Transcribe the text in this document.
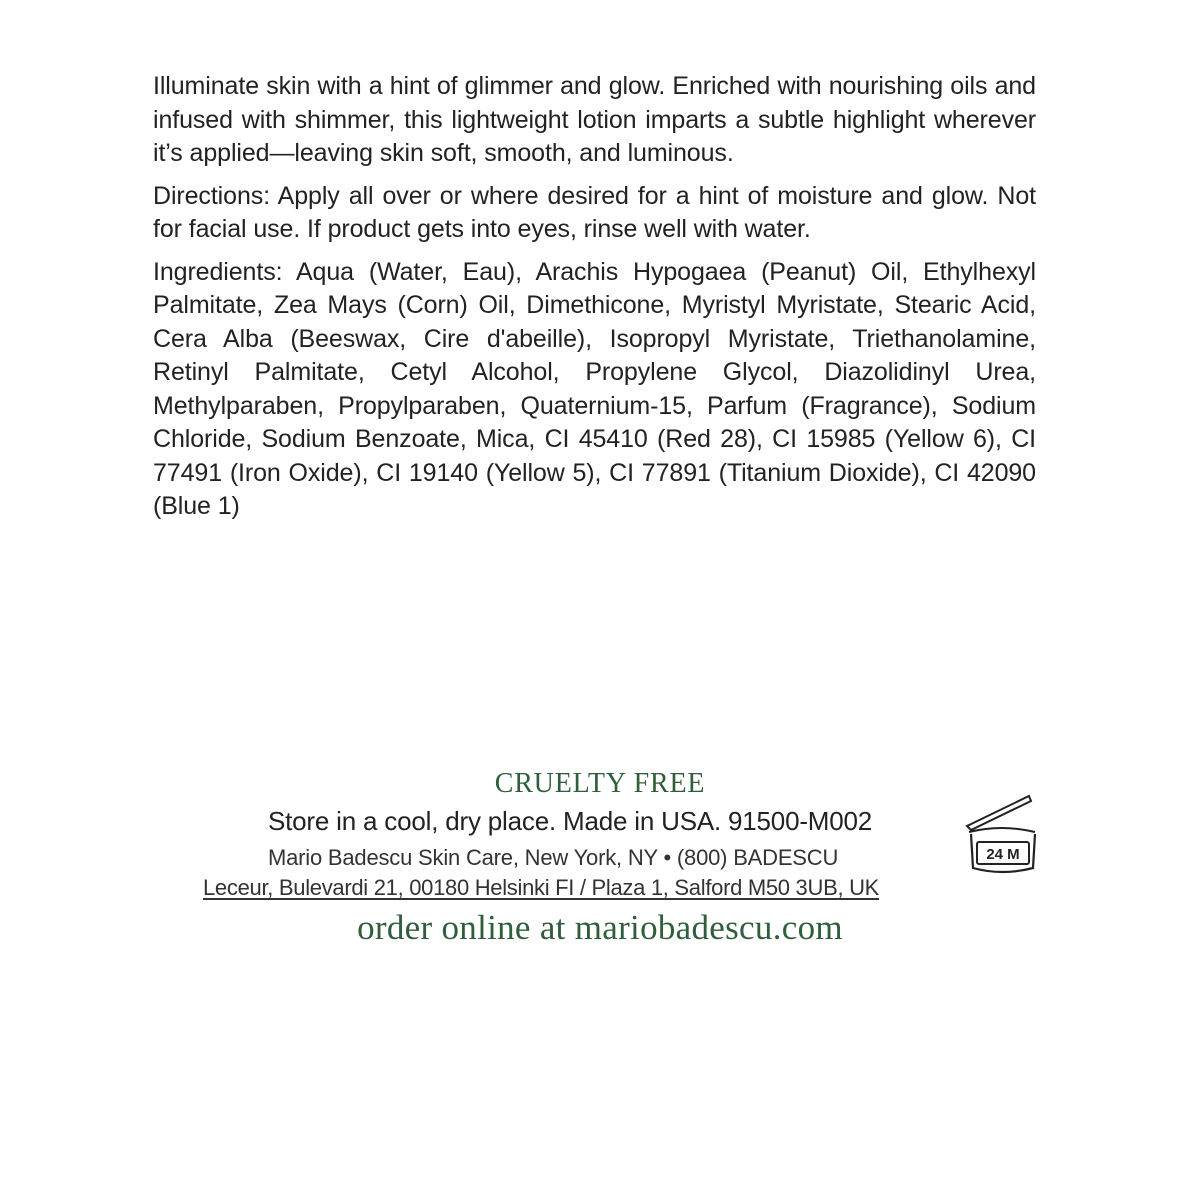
Illuminate skin with a hint of glimmer and glow. Enriched with nourishing oils and infused with shimmer, this lightweight lotion imparts a subtle highlight wherever it’s applied—leaving skin soft, smooth, and luminous.

Directions: Apply all over or where desired for a hint of moisture and glow. Not for facial use. If product gets into eyes, rinse well with water.

Ingredients: Aqua (Water, Eau), Arachis Hypogaea (Peanut) Oil, Ethylhexyl Palmitate, Zea Mays (Corn) Oil, Dimethicone, Myristyl Myristate, Stearic Acid, Cera Alba (Beeswax, Cire d'abeille), Isopropyl Myristate, Triethanolamine, Retinyl Palmitate, Cetyl Alcohol, Propylene Glycol, Diazolidinyl Urea, Methylparaben, Propylparaben, Quaternium-15, Parfum (Fragrance), Sodium Chloride, Sodium Benzoate, Mica, CI 45410 (Red 28), CI 15985 (Yellow 6), CI 77491 (Iron Oxide), CI 19140 (Yellow 5), CI 77891 (Titanium Dioxide), CI 42090 (Blue 1)

CRUELTY FREE
Store in a cool, dry place. Made in USA. 91500-M002
Mario Badescu Skin Care, New York, NY • (800) BADESCU
Leceur, Bulevardi 21, 00180 Helsinki FI / Plaza 1, Salford M50 3UB, UK
order online at mariobadescu.com
24 M
